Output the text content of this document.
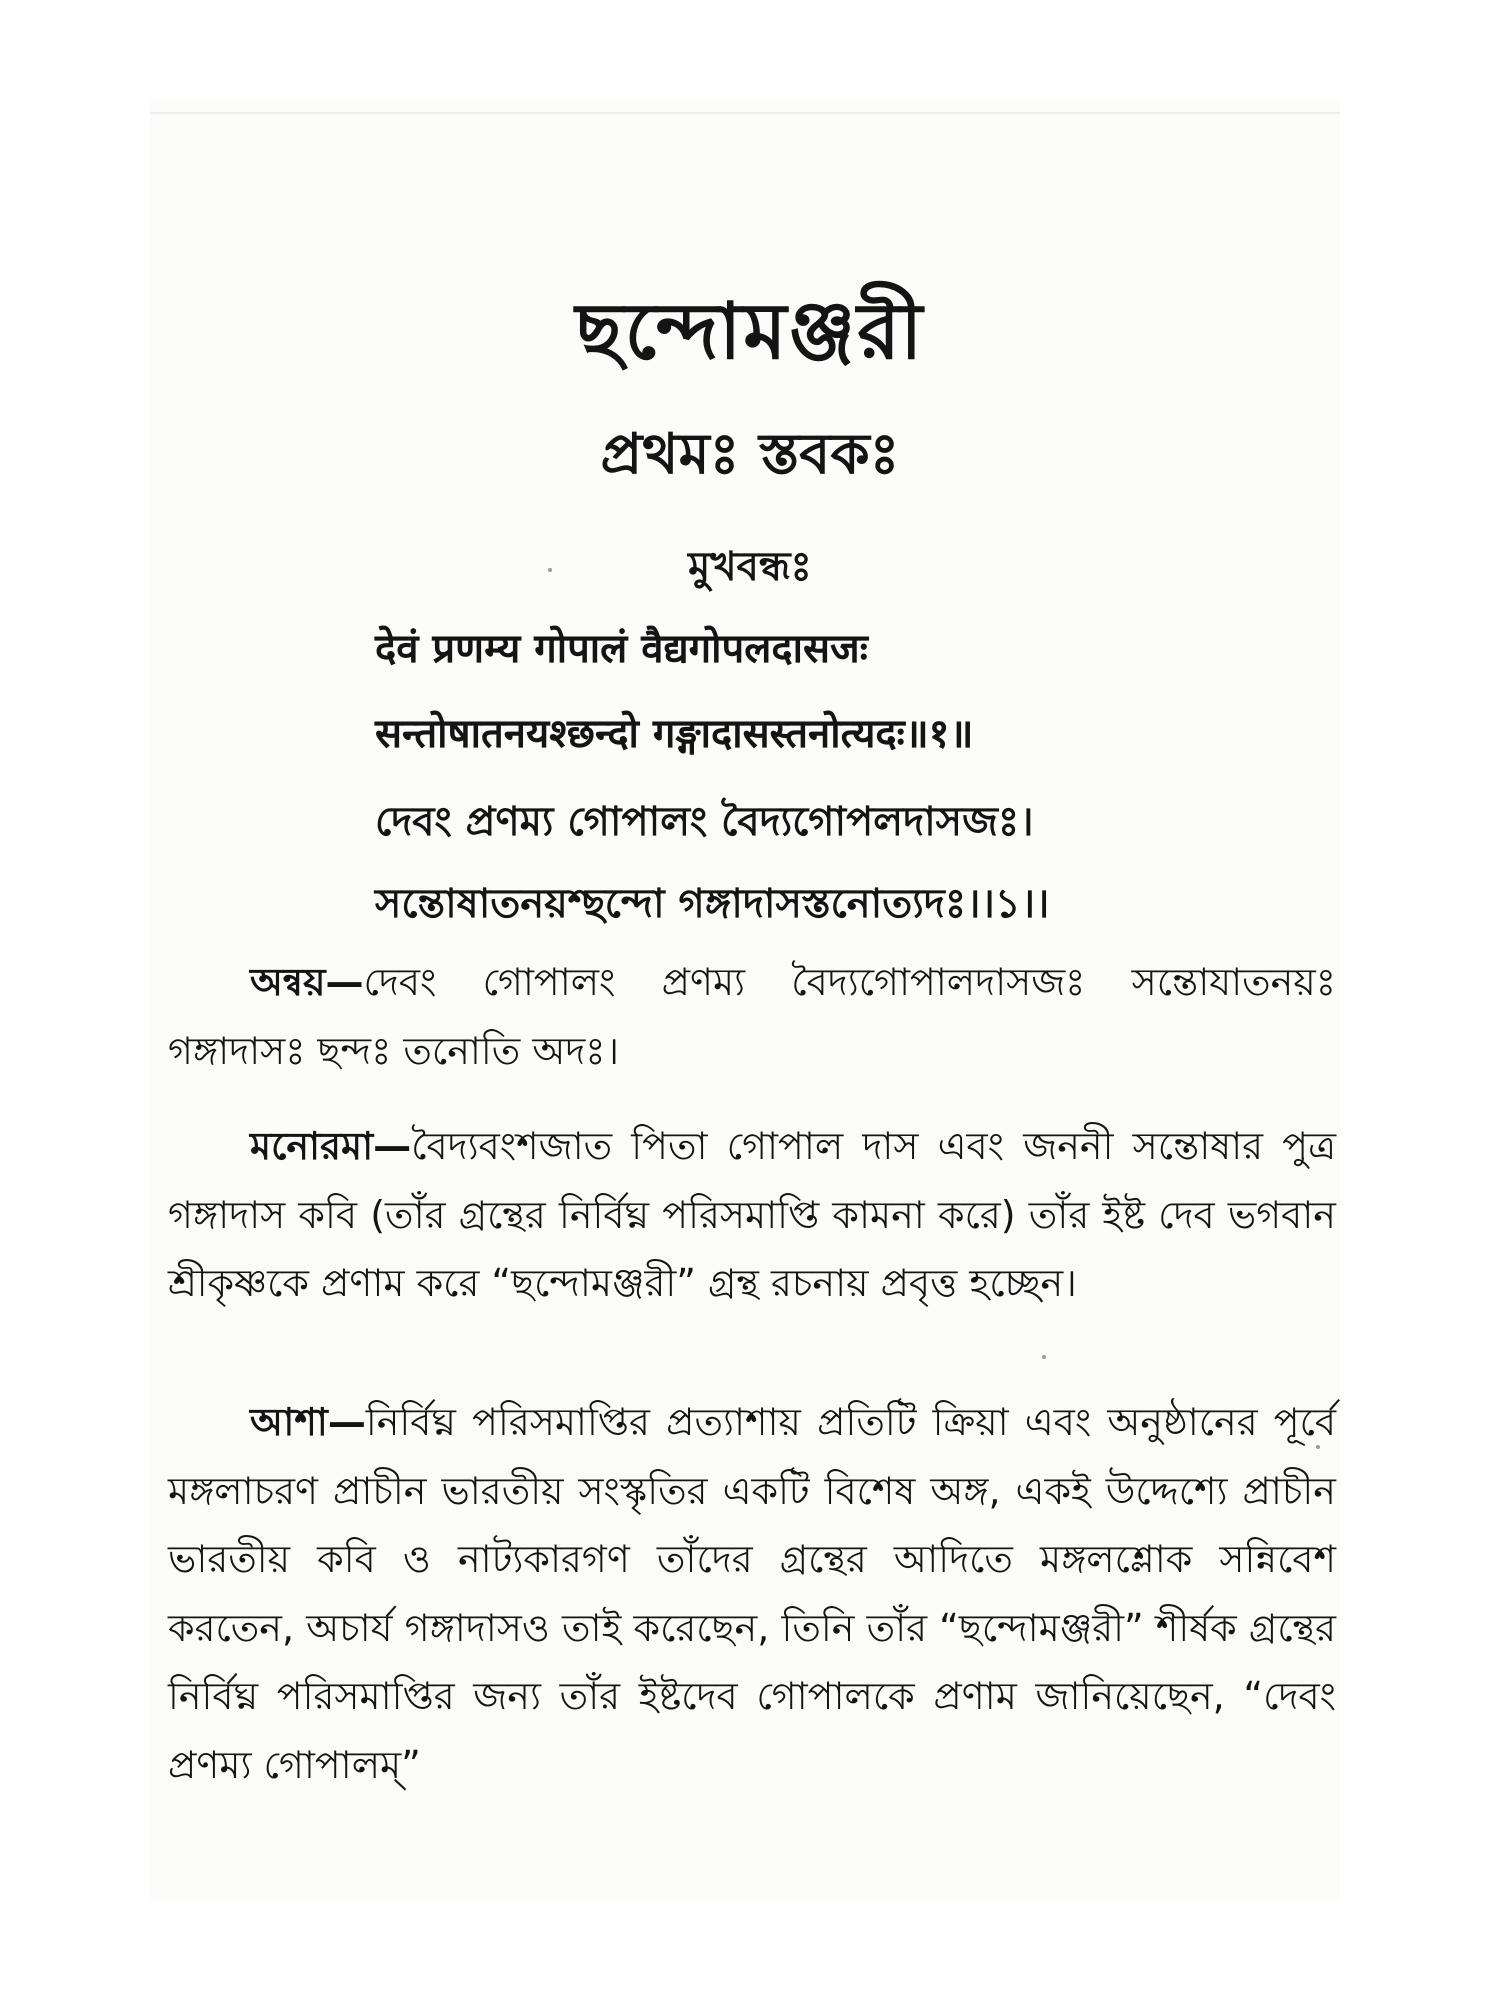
ছন্দোমঞ্জরী
প্রথমঃ স্তবকঃ
মুখবন্ধঃ
देवं प्रणम्य गोपालं वैद्यगोपलदासजः
सन्तोषातनयश्छन्दो गङ्गादासस्तनोत्यदः॥१॥
দেবং প্রণম্য গোপালং বৈদ্যগোপলদাসজঃ।
সন্তোষাতনয়শ্ছন্দো গঙ্গাদাসস্তনোত্যদঃ।।১।।

অন্বয়—দেবং গোপালং প্রণম্য বৈদ্যগোপালদাসজঃ সন্তোযাতনয়ঃ গঙ্গাদাসঃ ছন্দঃ তনোতি অদঃ।

মনোরমা—বৈদ্যবংশজাত পিতা গোপাল দাস এবং জননী সন্তোষার পুত্র গঙ্গাদাস কবি (তাঁর গ্রন্থের নির্বিঘ্ন পরিসমাপ্তি কামনা করে) তাঁর ইষ্ট দেব ভগবান শ্রীকৃষ্ণকে প্রণাম করে “ছন্দোমঞ্জরী” গ্রন্থ রচনায় প্রবৃত্ত হচ্ছেন।

আশা—নির্বিঘ্ন পরিসমাপ্তির প্রত্যাশায় প্রতিটি ক্রিয়া এবং অনুষ্ঠানের পূর্বে মঙ্গলাচরণ প্রাচীন ভারতীয় সংস্কৃতির একটি বিশেষ অঙ্গ, একই উদ্দেশ্যে প্রাচীন ভারতীয় কবি ও নাট্যকারগণ তাঁদের গ্রন্থের আদিতে মঙ্গলশ্লোক সন্নিবেশ করতেন, অচার্য গঙ্গাদাসও তাই করেছেন, তিনি তাঁর “ছন্দোমঞ্জরী” শীর্ষক গ্রন্থের নির্বিঘ্ন পরিসমাপ্তির জন্য তাঁর ইষ্টদেব গোপালকে প্রণাম জানিয়েছেন, “দেবং প্রণম্য গোপালম্”
